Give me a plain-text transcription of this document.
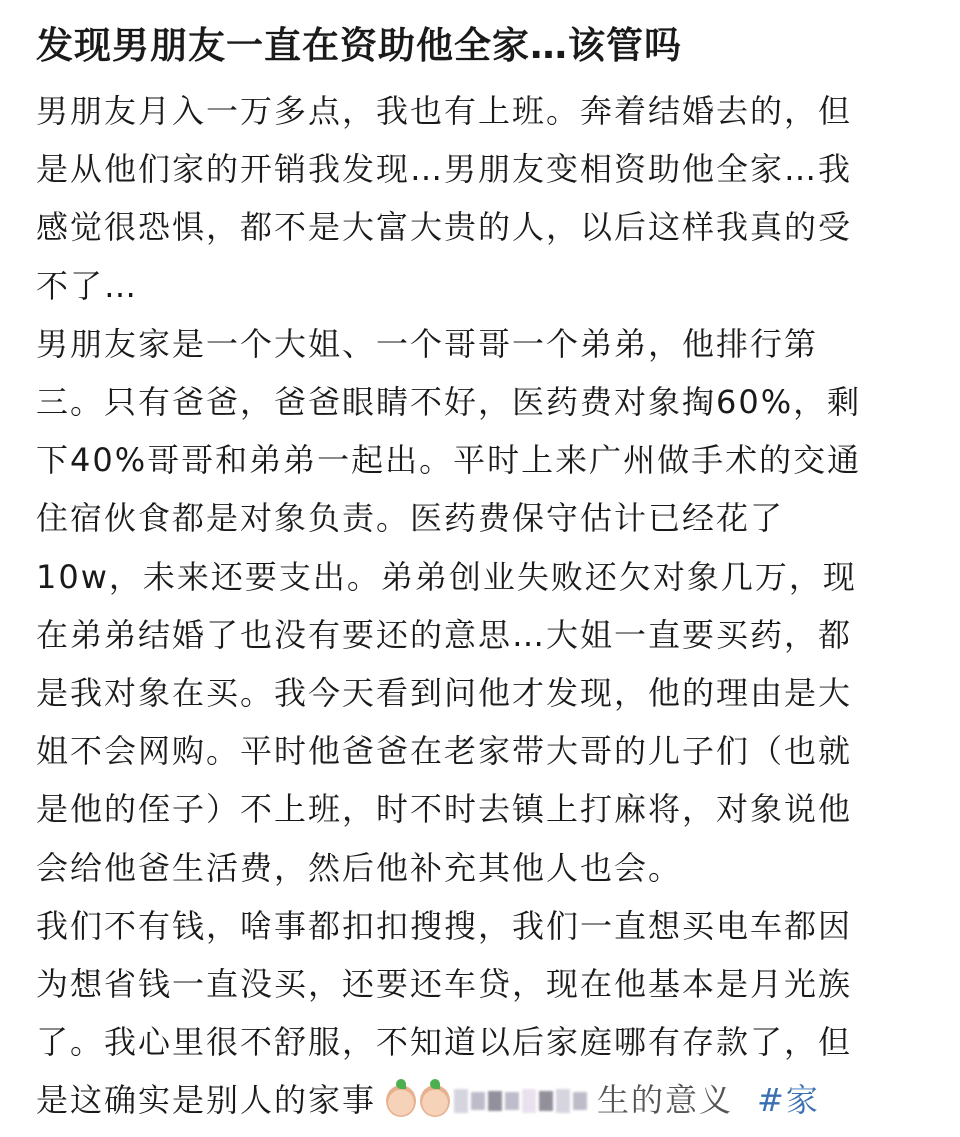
发现男朋友一直在资助他全家…该管吗

男朋友月入一万多点，我也有上班。奔着结婚去的，但
是从他们家的开销我发现…男朋友变相资助他全家…我
感觉很恐惧，都不是大富大贵的人，以后这样我真的受
不了…

男朋友家是一个大姐、一个哥哥一个弟弟，他排行第
三。只有爸爸，爸爸眼睛不好，医药费对象掏60%，剩
下40%哥哥和弟弟一起出。平时上来广州做手术的交通
住宿伙食都是对象负责。医药费保守估计已经花了
10w，未来还要支出。弟弟创业失败还欠对象几万，现
在弟弟结婚了也没有要还的意思…大姐一直要买药，都
是我对象在买。我今天看到问他才发现，他的理由是大
姐不会网购。平时他爸爸在老家带大哥的儿子们（也就
是他的侄子）不上班，时不时去镇上打麻将，对象说他
会给他爸生活费，然后他补充其他人也会。

我们不有钱，啥事都扣扣搜搜，我们一直想买电车都因
为想省钱一直没买，还要还车贷，现在他基本是月光族
了。我心里很不舒服，不知道以后家庭哪有存款了，但
是这确实是别人的家事	生的意义 #家
